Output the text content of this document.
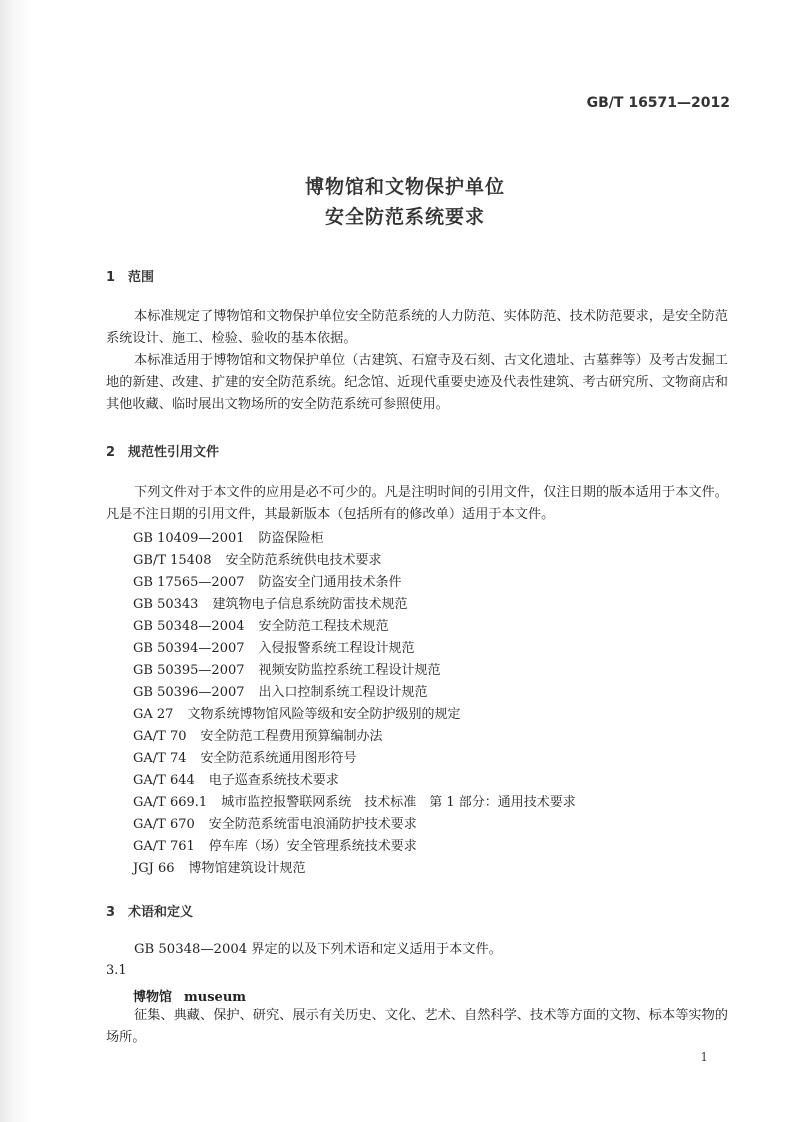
GB/T 16571—2012
博物馆和文物保护单位
安全防范系统要求
1 范围
本标准规定了博物馆和文物保护单位安全防范系统的人力防范、实体防范、技术防范要求，是安全防范系统设计、施工、检验、验收的基本依据。
本标准适用于博物馆和文物保护单位（古建筑、石窟寺及石刻、古文化遗址、古墓葬等）及考古发掘工地的新建、改建、扩建的安全防范系统。纪念馆、近现代重要史迹及代表性建筑、考古研究所、文物商店和其他收藏、临时展出文物场所的安全防范系统可参照使用。
2 规范性引用文件
下列文件对于本文件的应用是必不可少的。凡是注明时间的引用文件，仅注日期的版本适用于本文件。凡是不注日期的引用文件，其最新版本（包括所有的修改单）适用于本文件。
GB 10409—2001 防盗保险柜
GB/T 15408 安全防范系统供电技术要求
GB 17565—2007 防盗安全门通用技术条件
GB 50343 建筑物电子信息系统防雷技术规范
GB 50348—2004 安全防范工程技术规范
GB 50394—2007 入侵报警系统工程设计规范
GB 50395—2007 视频安防监控系统工程设计规范
GB 50396—2007 出入口控制系统工程设计规范
GA 27 文物系统博物馆风险等级和安全防护级别的规定
GA/T 70 安全防范工程费用预算编制办法
GA/T 74 安全防范系统通用图形符号
GA/T 644 电子巡查系统技术要求
GA/T 669.1 城市监控报警联网系统　技术标准　第 1 部分：通用技术要求
GA/T 670 安全防范系统雷电浪涌防护技术要求
GA/T 761 停车库（场）安全管理系统技术要求
JGJ 66 博物馆建筑设计规范
3 术语和定义
GB 50348—2004 界定的以及下列术语和定义适用于本文件。
3.1
博物馆 museum
征集、典藏、保护、研究、展示有关历史、文化、艺术、自然科学、技术等方面的文物、标本等实物的场所。
1
